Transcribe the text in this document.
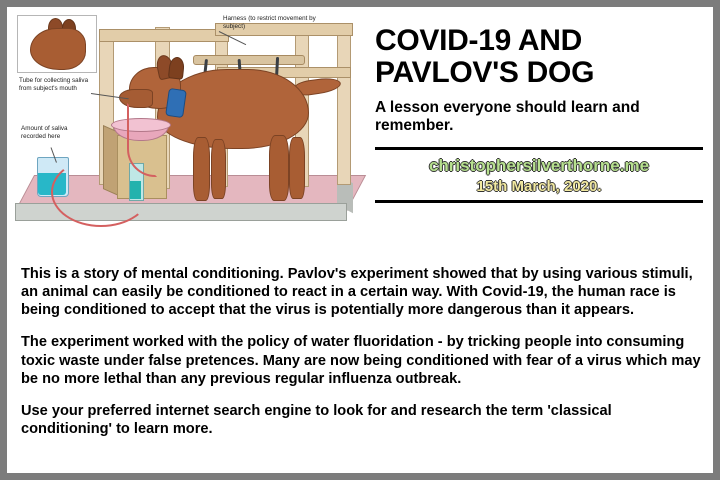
Harness (to restrict movement by subject)
Tube for collecting saliva from subject's mouth
Amount of saliva recorded here
COVID-19 AND PAVLOV'S DOG
A lesson everyone should learn and remember.
christophersilverthorne.me
15th March, 2020.

This is a story of mental conditioning. Pavlov's experiment showed that by using various stimuli, an animal can easily be conditioned to react in a certain way. With Covid-19, the human race is being conditioned to accept that the virus is potentially more dangerous than it appears.

The experiment worked with the policy of water fluoridation - by tricking people into consuming toxic waste under false pretences. Many are now being conditioned with fear of a virus which may be no more lethal than any previous regular influenza outbreak.

Use your preferred internet search engine to look for and research the term 'classical conditioning' to learn more.
